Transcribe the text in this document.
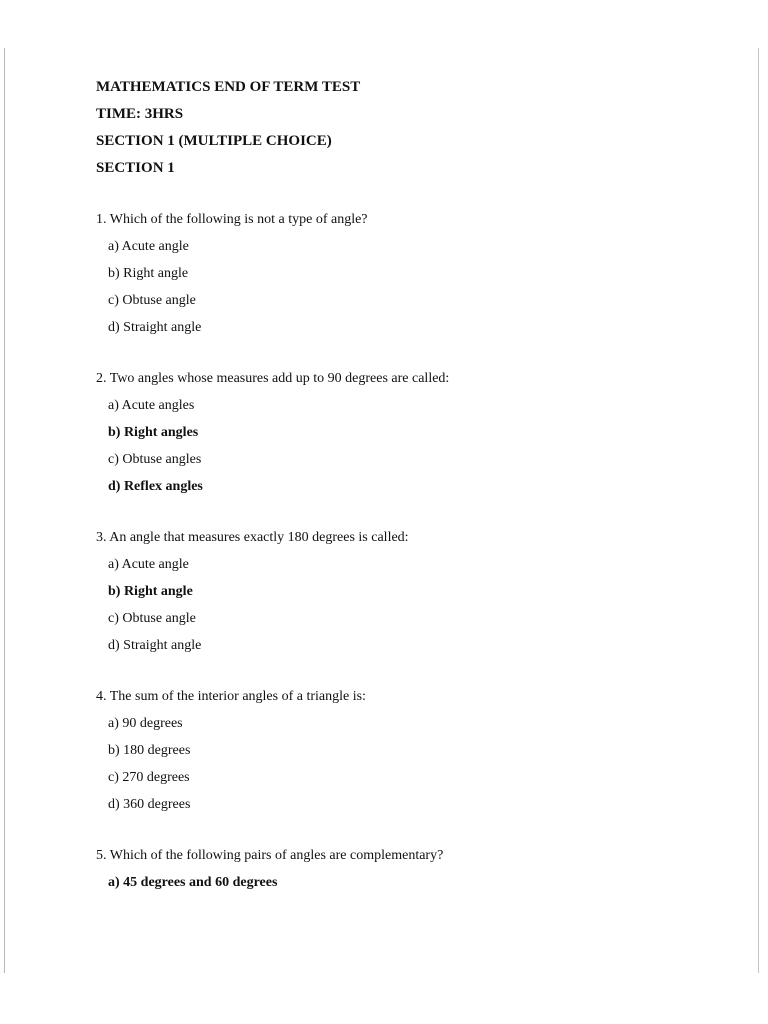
MATHEMATICS END OF TERM TEST
TIME: 3HRS
SECTION 1 (MULTIPLE CHOICE)
SECTION 1
1. Which of the following is not a type of angle?
a) Acute angle
b) Right angle
c) Obtuse angle
d) Straight angle
2. Two angles whose measures add up to 90 degrees are called:
a) Acute angles
b) Right angles
c) Obtuse angles
d) Reflex angles
3. An angle that measures exactly 180 degrees is called:
a) Acute angle
b) Right angle
c) Obtuse angle
d) Straight angle
4. The sum of the interior angles of a triangle is:
a) 90 degrees
b) 180 degrees
c) 270 degrees
d) 360 degrees
5. Which of the following pairs of angles are complementary?
a) 45 degrees and 60 degrees
